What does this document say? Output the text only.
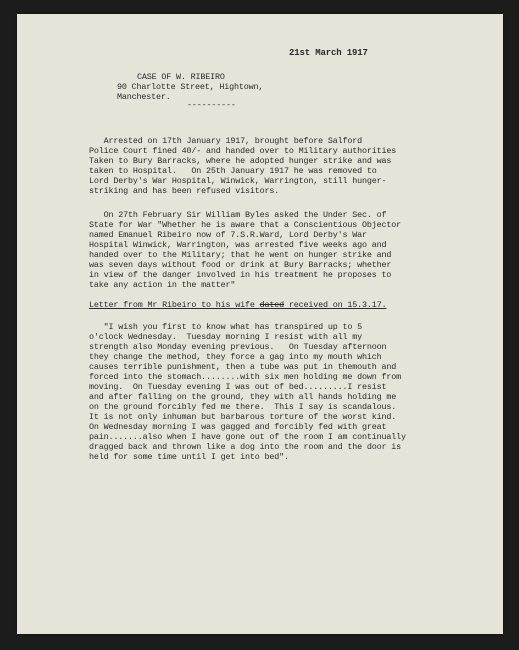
21st March 1917
CASE OF W. RIBEIRO
90 Charlotte Street, Hightown,
Manchester.
----------
Arrested on 17th January 1917, brought before Salford
Police Court fined 40/- and handed over to Military authorities
Taken to Bury Barracks, where he adopted hunger strike and was
taken to Hospital.   On 25th January 1917 he was removed to
Lord Derby's War Hospital, Winwick, Warrington, still hunger-
striking and has been refused visitors.
On 27th February Sir William Byles asked the Under Sec. of
State for War "Whether he is aware that a Conscientious Objector
named Emanuel Ribeiro now of 7.S.R.Ward, Lord Derby's War
Hospital Winwick, Warrington, was arrested five weeks ago and
handed over to the Military; that he went on hunger strike and
was seven days without food or drink at Bury Barracks; whether
in view of the danger involved in his treatment he proposes to
take any action in the matter"
Letter from Mr Ribeiro to his wife dated received on 15.3.17.
"I wish you first to know what has transpired up to 5
o'clock Wednesday.  Tuesday morning I resist with all my
strength also Monday evening previous.   On Tuesday afternoon
they change the method, they force a gag into my mouth which
causes terrible punishment, then a tube was put in themouth and
forced into the stomach........with six men holding me down from
moving.  On Tuesday evening I was out of bed.........I resist
and after falling on the ground, they with all hands holding me
on the ground forcibly fed me there.  This I say is scandalous.
It is not only inhuman but barbarous torture of the worst kind.
On Wednesday morning I was gagged and forcibly fed with great
pain.......also when I have gone out of the room I am continually
dragged back and thrown like a dog into the room and the door is
held for some time until I get into bed".
